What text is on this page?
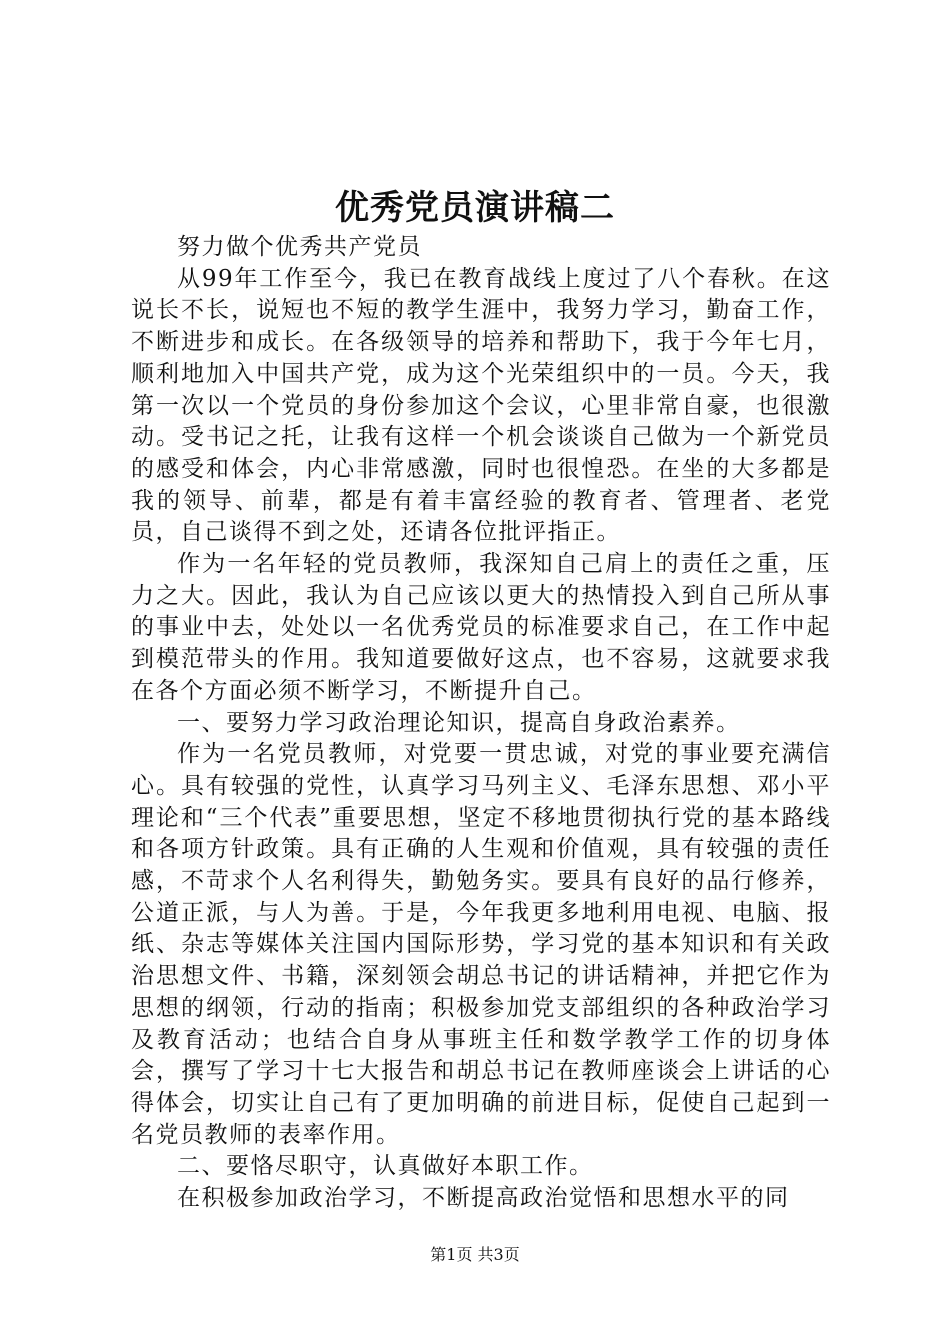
优秀党员演讲稿二

努力做个优秀共产党员

从99年工作至今，我已在教育战线上度过了八个春秋。在这说长不长，说短也不短的教学生涯中，我努力学习，勤奋工作，不断进步和成长。在各级领导的培养和帮助下，我于今年七月，顺利地加入中国共产党，成为这个光荣组织中的一员。今天，我第一次以一个党员的身份参加这个会议，心里非常自豪，也很激动。受书记之托，让我有这样一个机会谈谈自己做为一个新党员的感受和体会，内心非常感激，同时也很惶恐。在坐的大多都是我的领导、前辈，都是有着丰富经验的教育者、管理者、老党员，自己谈得不到之处，还请各位批评指正。

作为一名年轻的党员教师，我深知自己肩上的责任之重，压力之大。因此，我认为自己应该以更大的热情投入到自己所从事的事业中去，处处以一名优秀党员的标准要求自己，在工作中起到模范带头的作用。我知道要做好这点，也不容易，这就要求我在各个方面必须不断学习，不断提升自己。

一、要努力学习政治理论知识，提高自身政治素养。

作为一名党员教师，对党要一贯忠诚，对党的事业要充满信心。具有较强的党性，认真学习马列主义、毛泽东思想、邓小平理论和“三个代表”重要思想，坚定不移地贯彻执行党的基本路线和各项方针政策。具有正确的人生观和价值观，具有较强的责任感，不苛求个人名利得失，勤勉务实。要具有良好的品行修养，公道正派，与人为善。于是，今年我更多地利用电视、电脑、报纸、杂志等媒体关注国内国际形势，学习党的基本知识和有关政治思想文件、书籍，深刻领会胡总书记的讲话精神，并把它作为思想的纲领，行动的指南；积极参加党支部组织的各种政治学习及教育活动；也结合自身从事班主任和数学教学工作的切身体会，撰写了学习十七大报告和胡总书记在教师座谈会上讲话的心得体会，切实让自己有了更加明确的前进目标，促使自己起到一名党员教师的表率作用。

二、要恪尽职守，认真做好本职工作。

在积极参加政治学习，不断提高政治觉悟和思想水平的同

第1页 共3页
